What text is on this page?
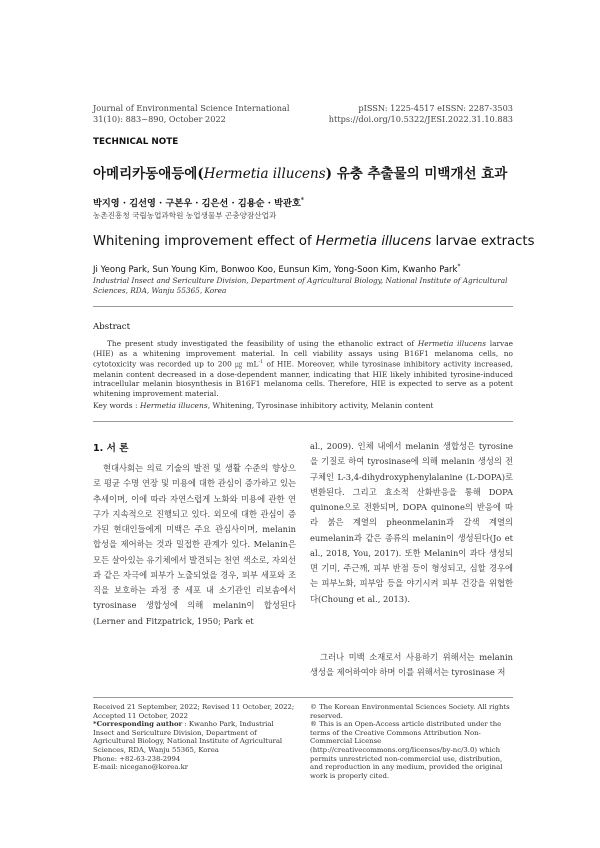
Journal of Environmental Science International
31(10): 883~890, October 2022
pISSN: 1225-4517 eISSN: 2287-3503
https://doi.org/10.5322/JESI.2022.31.10.883
TECHNICAL NOTE
아메리카동애등에(Hermetia illucens) 유충 추출물의 미백개선 효과
박지영 · 김선영 · 구본우 · 김은선 · 김용순 · 박관호*
농촌진흥청 국립농업과학원 농업생물부 곤충양잠산업과
Whitening improvement effect of Hermetia illucens larvae extracts
Ji Yeong Park, Sun Young Kim, Bonwoo Koo, Eunsun Kim, Yong-Soon Kim, Kwanho Park*
Industrial Insect and Sericulture Division, Department of Agricultural Biology, National Institute of Agricultural Sciences, RDA, Wanju 55365, Korea
Abstract
The present study investigated the feasibility of using the ethanolic extract of Hermetia illucens larvae (HIE) as a whitening improvement material. In cell viability assays using B16F1 melanoma cells, no cytotoxicity was recorded up to 200 ㎍ $mL^{-1}$ of HIE. Moreover, while tyrosinase inhibitory activity increased, melanin content decreased in a dose-dependent manner, indicating that HIE likely inhibited tyrosine-induced intracellular melanin biosynthesis in B16F1 melanoma cells. Therefore, HIE is expected to serve as a potent whitening improvement material.
Key words : Hermetia illucens, Whitening, Tyrosinase inhibitory activity, Melanin content
1. 서 론
현대사회는 의료 기술의 발전 및 생활 수준의 향상으로 평균 수명 연장 및 미용에 대한 관심이 증가하고 있는 추세이며, 이에 따라 자연스럽게 노화와 미용에 관한 연구가 지속적으로 진행되고 있다. 외모에 대한 관심이 증가된 현대인들에게 미백은 주요 관심사이며, melanin 합성을 제어하는 것과 밀접한 관계가 있다. Melanin은 모든 살아있는 유기체에서 발견되는 천연 색소로, 자외선과 같은 자극에 피부가 노출되었을 경우, 피부 세포와 조직을 보호하는 과정 중 세포 내 소기관인 리보솜에서 tyrosinase 생합성에 의해 melanin이 합성된다(Lerner and Fitzpatrick, 1950; Park et
al., 2009). 인체 내에서 melanin 생합성은 tyrosine을 기질로 하여 tyrosinase에 의해 melanin 생성의 전구체인 L-3,4-dihydroxyphenylalanine (L-DOPA)로 변환된다. 그리고 효소적 산화반응을 통해 DOPA quinone으로 전환되며, DOPA quinone의 반응에 따라 붉은 계열의 pheonmelanin과 갈색 계열의 eumelanin과 같은 종류의 melanin이 생성된다(Jo et al., 2018, You, 2017). 또한 Melanin이 과다 생성되면 기미, 주근깨, 피부 반점 등이 형성되고, 심할 경우에는 피부노화, 피부암 등을 야기시켜 피부 건강을 위협한다(Choung et al., 2013).
그러나 미백 소재로서 사용하기 위해서는 melanin 생성을 제어하여야 하며 이를 위해서는 tyrosinase 저
Received 21 September, 2022; Revised 11 October, 2022;
Accepted 11 October, 2022
*Corresponding author : Kwanho Park, Industrial Insect and Sericulture Division, Department of Agricultural Biology, National Institute of Agricultural Sciences, RDA, Wanju 55365, Korea
Phone: +82-63-238-2994
E-mail: nicegano@korea.kr
© The Korean Environmental Sciences Society. All rights reserved.
® This is an Open-Access article distributed under the terms of the Creative Commons Attribution Non-Commercial License (http://creativecommons.org/licenses/by-nc/3.0) which permits unrestricted non-commercial use, distribution, and reproduction in any medium, provided the original work is properly cited.
